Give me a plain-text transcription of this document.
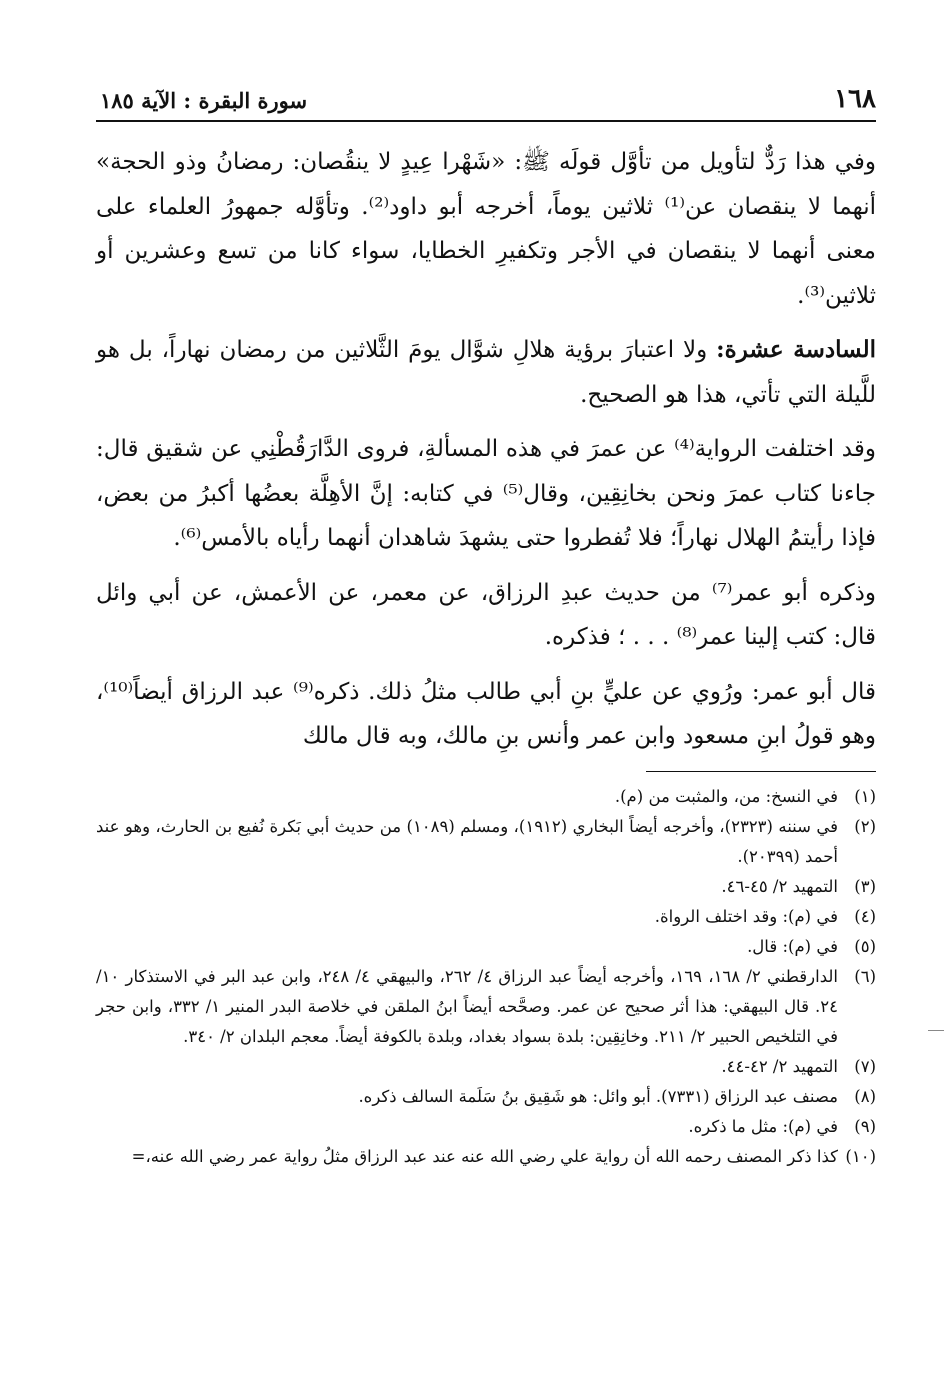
١٦٨
سورة البقرة : الآية ١٨٥

وفي هذا رَدٌّ لتأويل من تأوَّل قولَه ﷺ: «شَهْرا عِيدٍ لا ينقُصان: رمضانُ وذو الحجة» أنهما لا ينقصان عن⁽¹⁾ ثلاثين يوماً، أخرجه أبو داود⁽²⁾. وتأوَّله جمهورُ العلماء على معنى أنهما لا ينقصان في الأجر وتكفيرِ الخطايا، سواء كانا من تسع وعشرين أو ثلاثين⁽³⁾.

السادسة عشرة: ولا اعتبارَ برؤية هلالِ شوَّال يومَ الثَّلاثين من رمضان نهاراً، بل هو للَّيلة التي تأتي، هذا هو الصحيح.

وقد اختلفت الرواية⁽⁴⁾ عن عمرَ في هذه المسألةِ، فروى الدَّارَقُطْنِي عن شقيق قال: جاءنا كتاب عمرَ ونحن بخانِقِين، وقال⁽⁵⁾ في كتابه: إنَّ الأهِلَّة بعضُها أكبرُ من بعض، فإذا رأيتمُ الهلال نهاراً؛ فلا تُفطروا حتى يشهدَ شاهدان أنهما رأياه بالأمس⁽⁶⁾.

وذكره أبو عمر⁽⁷⁾ من حديث عبدِ الرزاق، عن معمر، عن الأعمش، عن أبي وائل قال: كتب إلينا عمر⁽⁸⁾ . . . ؛ فذكره.

قال أبو عمر: ورُوي عن عليٍّ بنِ أبي طالب مثلُ ذلك. ذكره⁽⁹⁾ عبد الرزاق أيضاً⁽¹⁰⁾، وهو قولُ ابنِ مسعود وابن عمر وأنس بنِ مالك، وبه قال مالك

(١)
في النسخ: من، والمثبت من (م).
(٢)
في سننه (٢٣٢٣)، وأخرجه أيضاً البخاري (١٩١٢)، ومسلم (١٠٨٩) من حديث أبي بَكرة نُفيع بن الحارث، وهو عند أحمد (٢٠٣٩٩).
(٣)
التمهيد ٢/ ٤٥-٤٦.
(٤)
في (م): وقد اختلف الرواة.
(٥)
في (م): قال.
(٦)
الدارقطني ٢/ ١٦٨، ١٦٩، وأخرجه أيضاً عبد الرزاق ٤/ ٢٦٢، والبيهقي ٤/ ٢٤٨، وابن عبد البر في الاستذكار ١٠/ ٢٤. قال البيهقي: هذا أثر صحيح عن عمر. وصحَّحه أيضاً ابنُ الملقن في خلاصة البدر المنير ١/ ٣٣٢، وابن حجر في التلخيص الحبير ٢/ ٢١١. وخانِقِين: بلدة بسواد بغداد، وبلدة بالكوفة أيضاً. معجم البلدان ٢/ ٣٤٠.
(٧)
التمهيد ٢/ ٤٢-٤٤.
(٨)
مصنف عبد الرزاق (٧٣٣١). أبو وائل: هو شَقِيق بنُ سَلَمة السالف ذكره.
(٩)
في (م): مثل ما ذكره.
(١٠)
كذا ذكر المصنف رحمه الله أن رواية علي رضي الله عنه عند عبد الرزاق مثلُ رواية عمر رضي الله عنه،=
